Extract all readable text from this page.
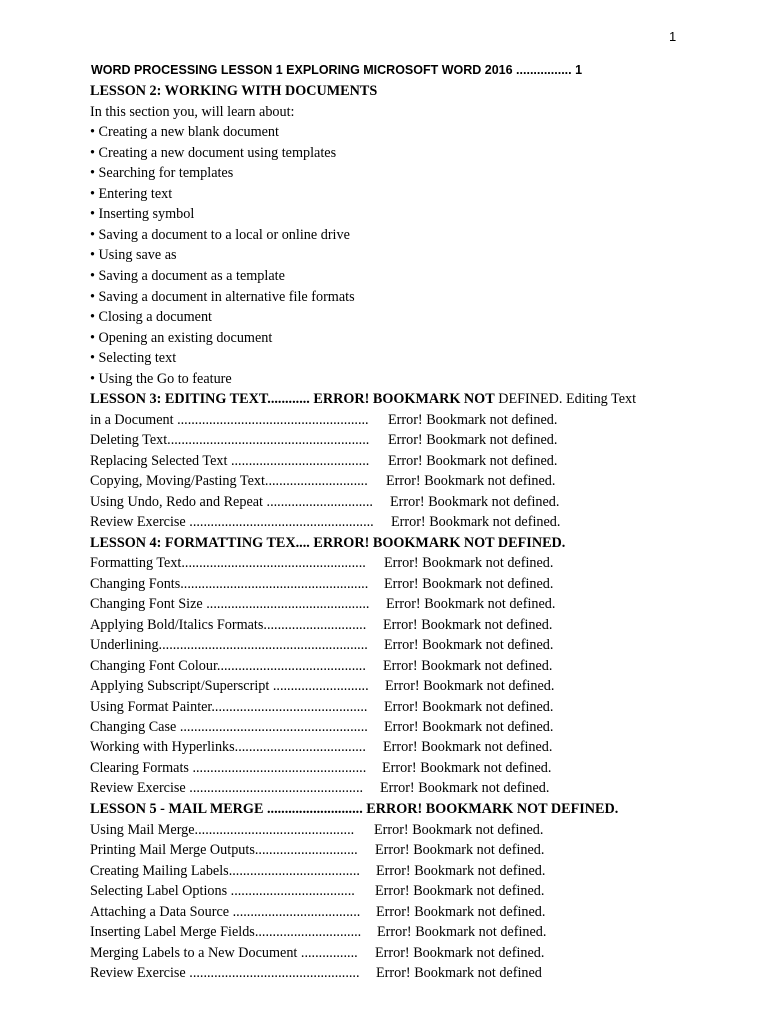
1
WORD PROCESSING LESSON 1 EXPLORING MICROSOFT WORD 2016 ................ 1
LESSON 2: WORKING WITH DOCUMENTS
In this section you, will learn about:
• Creating a new blank document
• Creating a new document using templates
• Searching for templates
• Entering text
• Inserting symbol
• Saving a document to a local or online drive
• Using save as
• Saving a document as a template
• Saving a document in alternative file formats
• Closing a document
• Opening an existing document
• Selecting text
• Using the Go to feature
LESSON 3: EDITING TEXT............ ERROR! BOOKMARK NOT DEFINED. Editing Text
in a Document ...................................................... Error! Bookmark not defined.
Deleting Text......................................................... Error! Bookmark not defined.
Replacing Selected Text ....................................... Error! Bookmark not defined.
Copying, Moving/Pasting Text............................. Error! Bookmark not defined.
Using Undo, Redo and Repeat .............................. Error! Bookmark not defined.
Review Exercise .................................................... Error! Bookmark not defined.
LESSON 4: FORMATTING TEX.... ERROR! BOOKMARK NOT DEFINED.
Formatting Text.................................................... Error! Bookmark not defined.
Changing Fonts..................................................... Error! Bookmark not defined.
Changing Font Size .............................................. Error! Bookmark not defined.
Applying Bold/Italics Formats............................. Error! Bookmark not defined.
Underlining........................................................... Error! Bookmark not defined.
Changing Font Colour.......................................... Error! Bookmark not defined.
Applying Subscript/Superscript ........................... Error! Bookmark not defined.
Using Format Painter............................................ Error! Bookmark not defined.
Changing Case ..................................................... Error! Bookmark not defined.
Working with Hyperlinks..................................... Error! Bookmark not defined.
Clearing Formats ................................................. Error! Bookmark not defined.
Review Exercise ................................................. Error! Bookmark not defined.
LESSON 5 - MAIL MERGE ........................... ERROR! BOOKMARK NOT DEFINED.
Using Mail Merge............................................. Error! Bookmark not defined.
Printing Mail Merge Outputs............................. Error! Bookmark not defined.
Creating Mailing Labels..................................... Error! Bookmark not defined.
Selecting Label Options ...................................Error! Bookmark not defined.
Attaching a Data Source .................................... Error! Bookmark not defined.
Inserting Label Merge Fields.............................. Error! Bookmark not defined.
Merging Labels to a New Document ................ Error! Bookmark not defined.
Review Exercise ................................................ Error! Bookmark not defined
